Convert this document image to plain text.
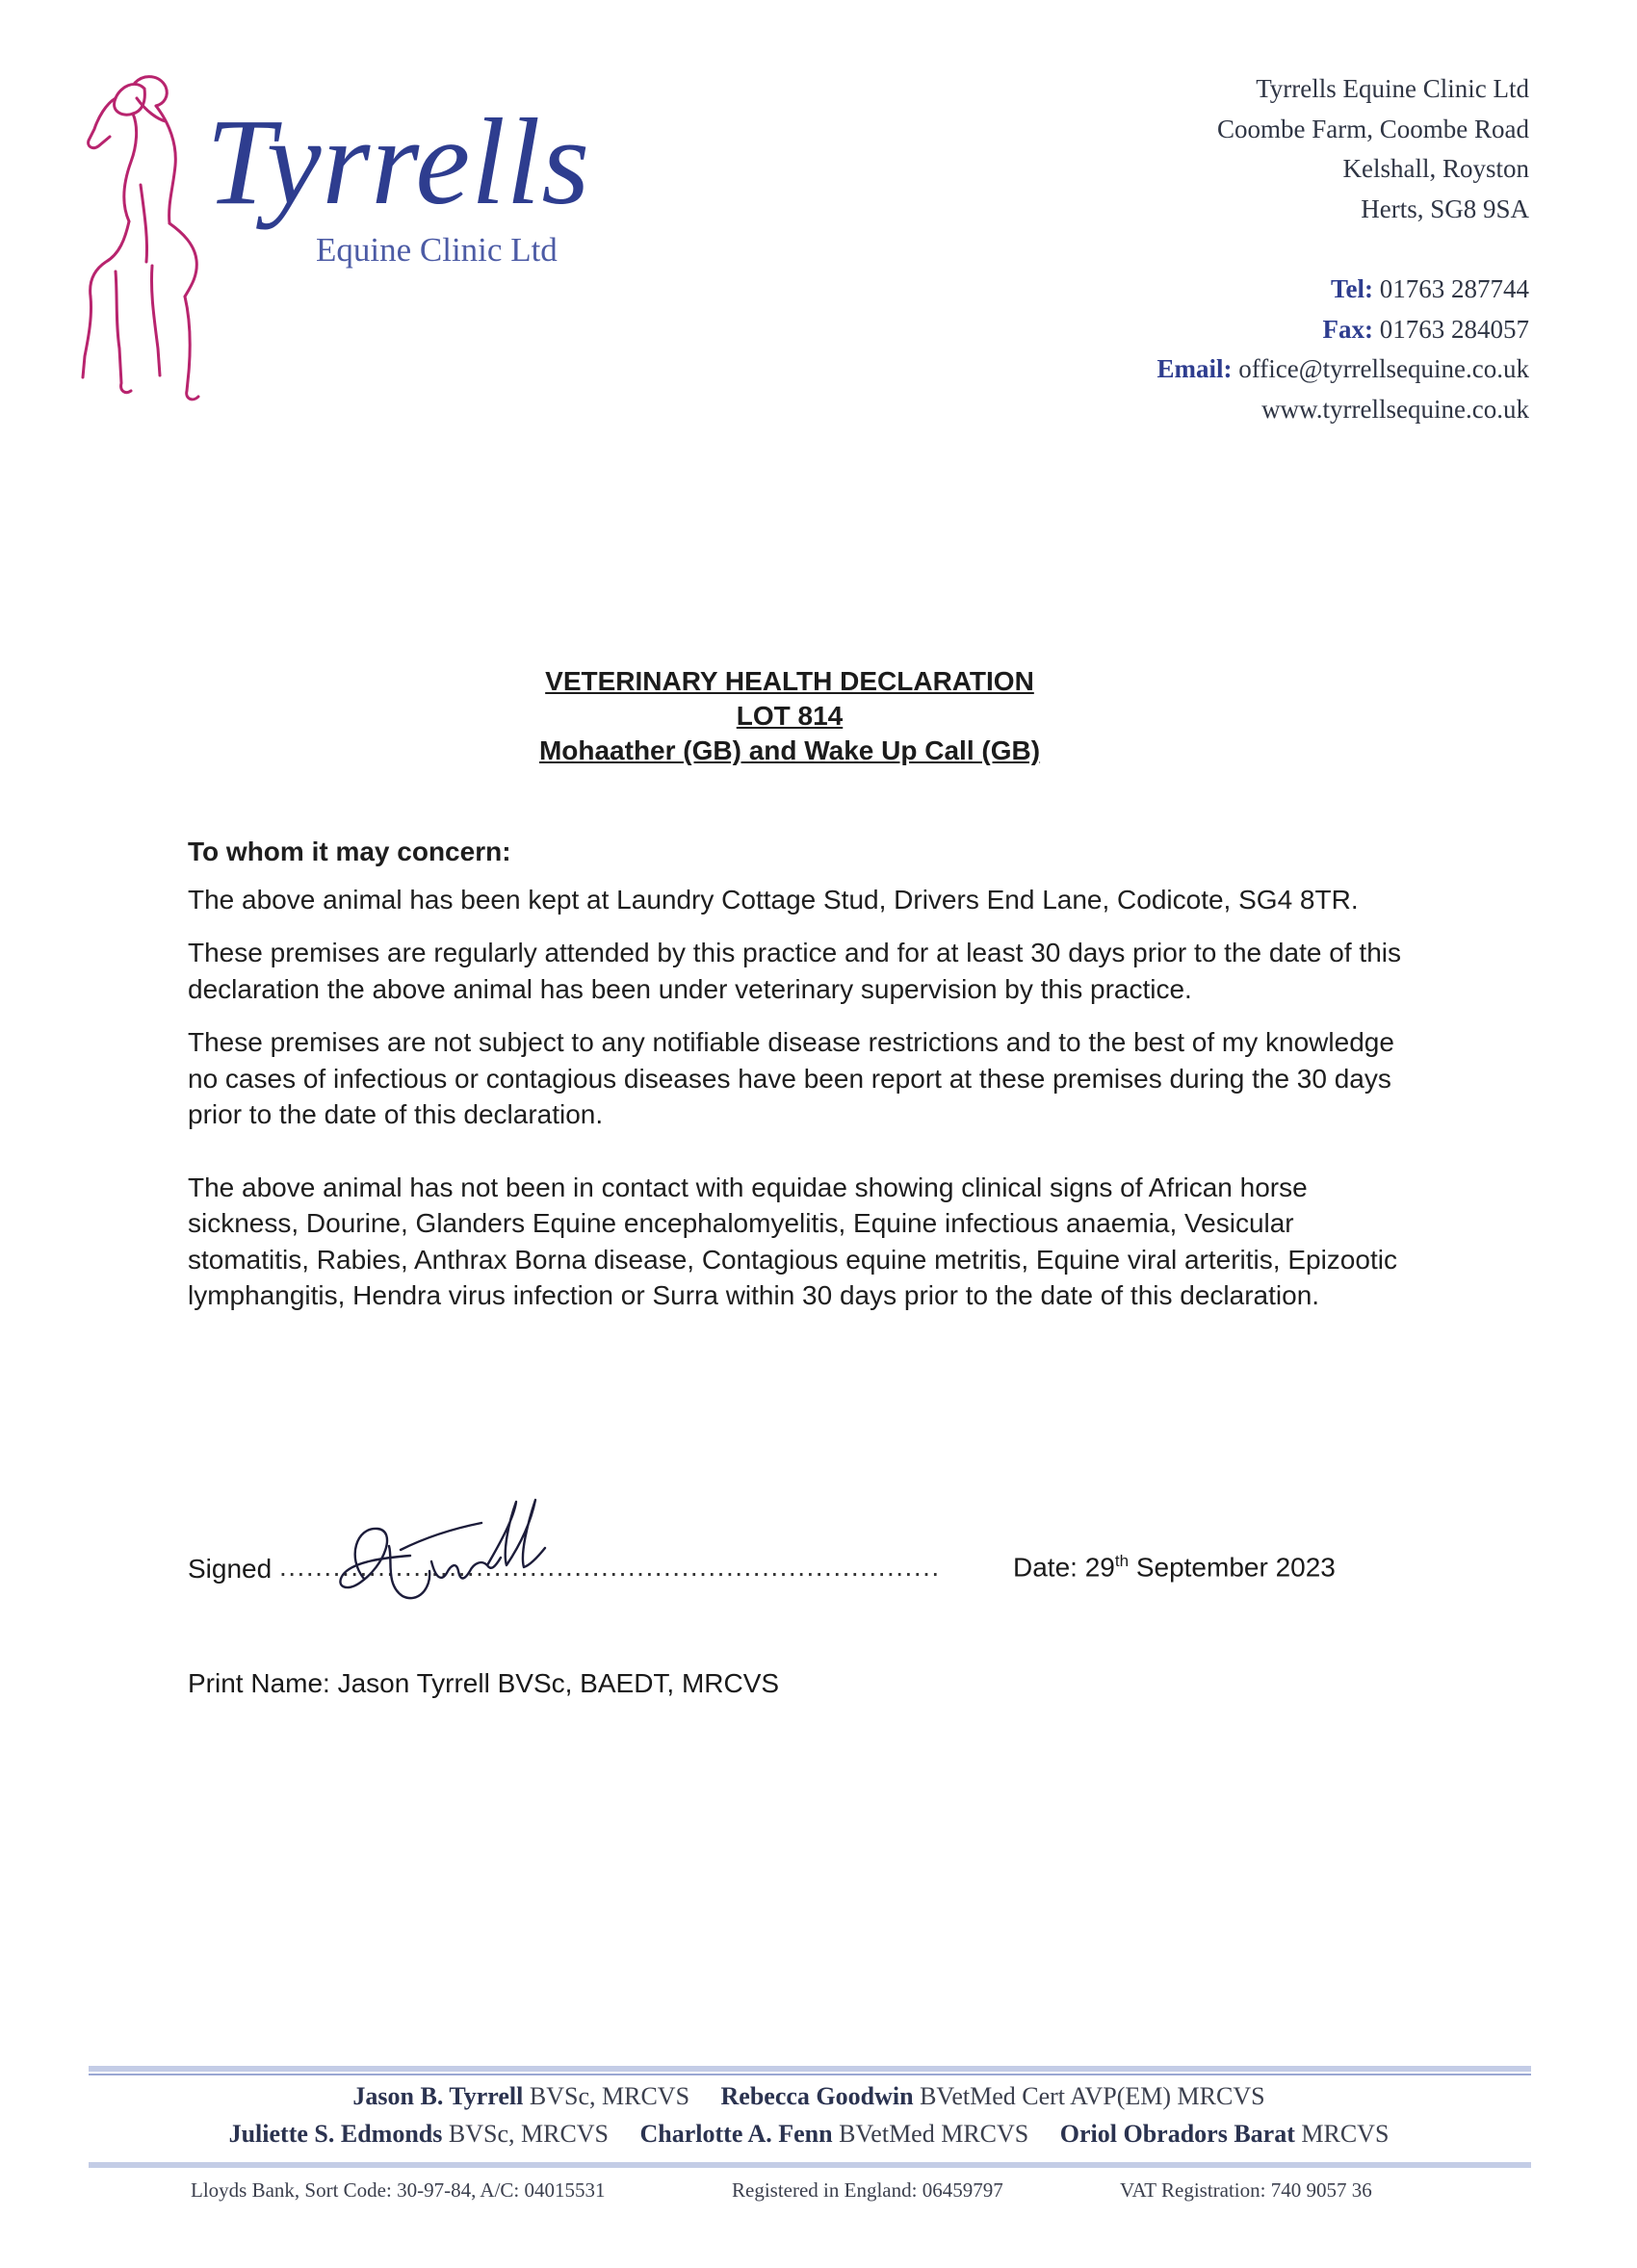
Tyrrells
Equine Clinic Ltd
Tyrrells Equine Clinic Ltd
Coombe Farm, Coombe Road
Kelshall, Royston
Herts, SG8 9SA
Tel: 01763 287744
Fax: 01763 284057
Email: office@tyrrellsequine.co.uk
www.tyrrellsequine.co.uk
VETERINARY HEALTH DECLARATION
LOT 814
Mohaather (GB) and Wake Up Call (GB)

To whom it may concern:

The above animal has been kept at Laundry Cottage Stud, Drivers End Lane, Codicote, SG4 8TR.

These premises are regularly attended by this practice and for at least 30 days prior to the date of this declaration the above animal has been under veterinary supervision by this practice.

These premises are not subject to any notifiable disease restrictions and to the best of my knowledge no cases of infectious or contagious diseases have been report at these premises during the 30 days prior to the date of this declaration.

The above animal has not been in contact with equidae showing clinical signs of African horse sickness, Dourine, Glanders Equine encephalomyelitis, Equine infectious anaemia, Vesicular stomatitis, Rabies, Anthrax Borna disease, Contagious equine metritis, Equine viral arteritis, Epizootic lymphangitis, Hendra virus infection or Surra within 30 days prior to the date of this declaration.

Signed ..........................................................................	Date: 29th September 2023
Print Name: Jason Tyrrell BVSc, BAEDT, MRCVS
Jason B. Tyrrell BVSc, MRCVS Rebecca Goodwin BVetMed Cert AVP(EM) MRCVS
Juliette S. Edmonds BVSc, MRCVS Charlotte A. Fenn BVetMed MRCVS Oriol Obradors Barat MRCVS
Lloyds Bank, Sort Code: 30-97-84, A/C: 04015531	Registered in England: 06459797	VAT Registration: 740 9057 36
